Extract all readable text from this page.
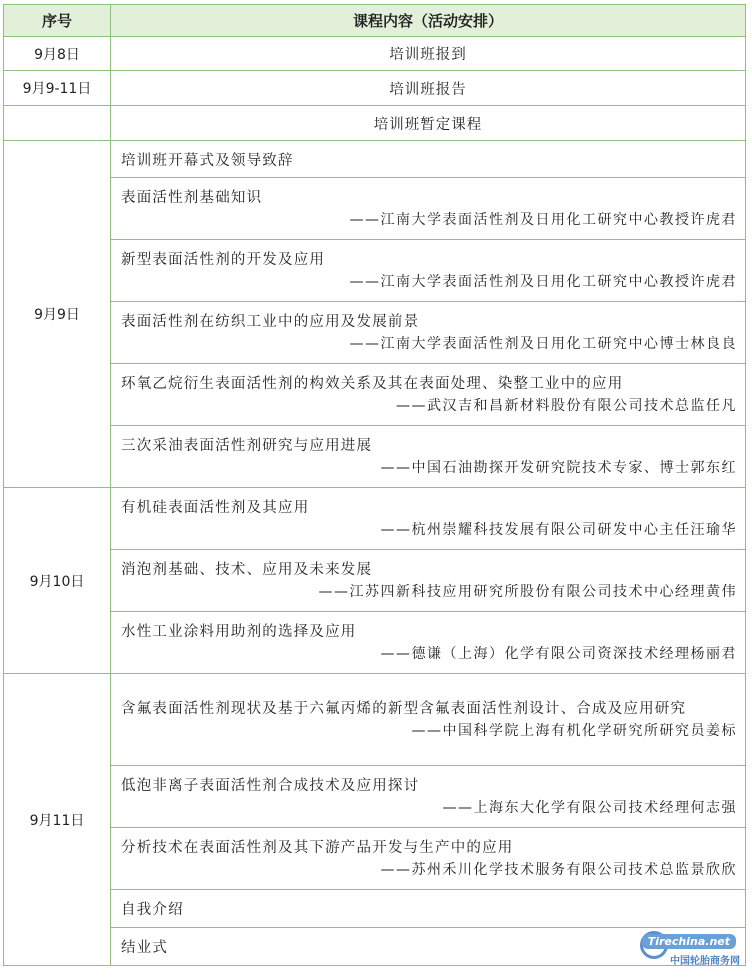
序号	课程内容（活动安排）
9月8日	培训班报到
9月9-11日	培训班报告
	培训班暂定课程
9月9日	培训班开幕式及领导致辞

	表面活性剂基础知识
——江南大学表面活性剂及日用化工研究中心教授许虎君

	新型表面活性剂的开发及应用
——江南大学表面活性剂及日用化工研究中心教授许虎君

	表面活性剂在纺织工业中的应用及发展前景
——江南大学表面活性剂及日用化工研究中心博士林良良

	环氧乙烷衍生表面活性剂的构效关系及其在表面处理、染整工业中的应用
——武汉吉和昌新材料股份有限公司技术总监任凡

	三次采油表面活性剂研究与应用进展
——中国石油勘探开发研究院技术专家、博士郭东红

9月10日	有机硅表面活性剂及其应用
——杭州崇耀科技发展有限公司研发中心主任汪瑜华

	消泡剂基础、技术、应用及未来发展
——江苏四新科技应用研究所股份有限公司技术中心经理黄伟

	水性工业涂料用助剂的选择及应用
——德谦（上海）化学有限公司资深技术经理杨丽君

9月11日	含氟表面活性剂现状及基于六氟丙烯的新型含氟表面活性剂设计、合成及应用研究
——中国科学院上海有机化学研究所研究员姜标

	低泡非离子表面活性剂合成技术及应用探讨
——上海东大化学有限公司技术经理何志强

	分析技术在表面活性剂及其下游产品开发与生产中的应用
——苏州禾川化学技术服务有限公司技术总监景欣欣

	自我介绍
	结业式	Tirechina.net
中国轮胎商务网
